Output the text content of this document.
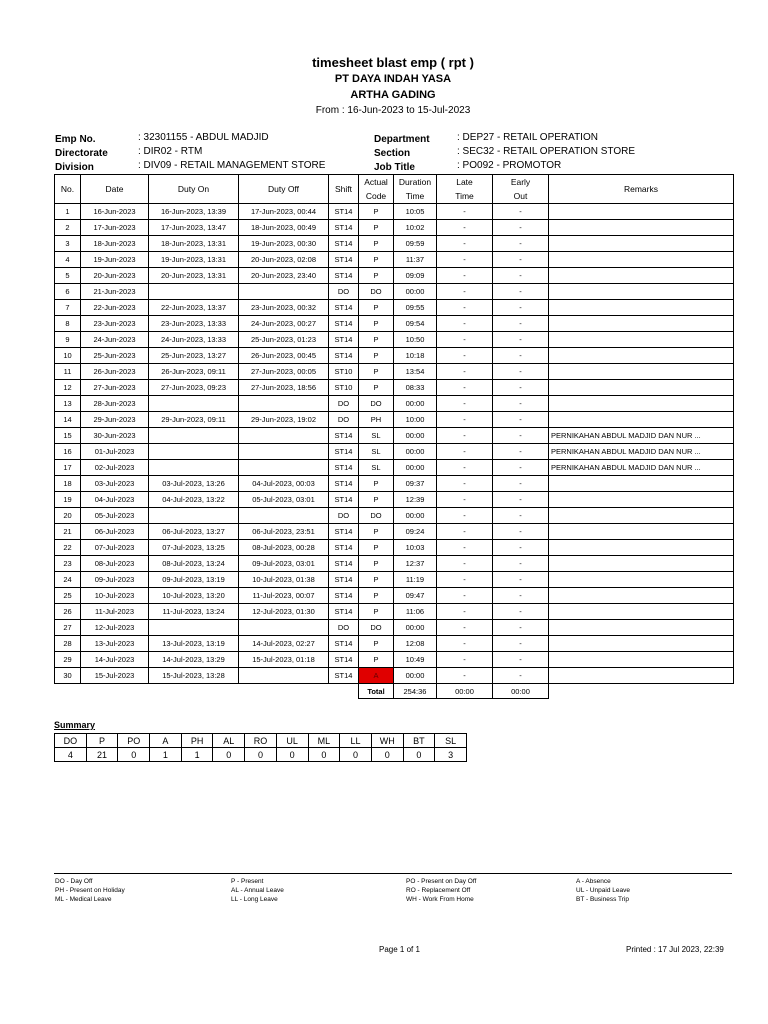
timesheet blast emp ( rpt )
PT DAYA INDAH YASA
ARTHA GADING
From : 16-Jun-2023 to 15-Jul-2023
Emp No.	: 32301155 - ABDUL MADJID
Directorate	: DIR02 - RTM
Division	: DIV09 - RETAIL MANAGEMENT STORE
Department	: DEP27 - RETAIL OPERATION
Section	: SEC32 - RETAIL OPERATION STORE
Job Title	: PO092 - PROMOTOR
No.	Date	Duty On	Duty Off	Shift	Actual	Duration	Late	Early	Remarks
					Code	Time	Time	Out	
1	16-Jun-2023	16-Jun-2023, 13:39	17-Jun-2023, 00:44	ST14	P	10:05	-	-	
2	17-Jun-2023	17-Jun-2023, 13:47	18-Jun-2023, 00:49	ST14	P	10:02	-	-	
3	18-Jun-2023	18-Jun-2023, 13:31	19-Jun-2023, 00:30	ST14	P	09:59	-	-	
4	19-Jun-2023	19-Jun-2023, 13:31	20-Jun-2023, 02:08	ST14	P	11:37	-	-	
5	20-Jun-2023	20-Jun-2023, 13:31	20-Jun-2023, 23:40	ST14	P	09:09	-	-	
6	21-Jun-2023			DO	DO	00:00	-	-	
7	22-Jun-2023	22-Jun-2023, 13:37	23-Jun-2023, 00:32	ST14	P	09:55	-	-	
8	23-Jun-2023	23-Jun-2023, 13:33	24-Jun-2023, 00:27	ST14	P	09:54	-	-	
9	24-Jun-2023	24-Jun-2023, 13:33	25-Jun-2023, 01:23	ST14	P	10:50	-	-	
10	25-Jun-2023	25-Jun-2023, 13:27	26-Jun-2023, 00:45	ST14	P	10:18	-	-	
11	26-Jun-2023	26-Jun-2023, 09:11	27-Jun-2023, 00:05	ST10	P	13:54	-	-	
12	27-Jun-2023	27-Jun-2023, 09:23	27-Jun-2023, 18:56	ST10	P	08:33	-	-	
13	28-Jun-2023			DO	DO	00:00	-	-	
14	29-Jun-2023	29-Jun-2023, 09:11	29-Jun-2023, 19:02	DO	PH	10:00	-	-	
15	30-Jun-2023			ST14	SL	00:00	-	-	PERNIKAHAN ABDUL MADJID DAN NUR ...
16	01-Jul-2023			ST14	SL	00:00	-	-	PERNIKAHAN ABDUL MADJID DAN NUR ...
17	02-Jul-2023			ST14	SL	00:00	-	-	PERNIKAHAN ABDUL MADJID DAN NUR ...
18	03-Jul-2023	03-Jul-2023, 13:26	04-Jul-2023, 00:03	ST14	P	09:37	-	-	
19	04-Jul-2023	04-Jul-2023, 13:22	05-Jul-2023, 03:01	ST14	P	12:39	-	-	
20	05-Jul-2023			DO	DO	00:00	-	-	
21	06-Jul-2023	06-Jul-2023, 13:27	06-Jul-2023, 23:51	ST14	P	09:24	-	-	
22	07-Jul-2023	07-Jul-2023, 13:25	08-Jul-2023, 00:28	ST14	P	10:03	-	-	
23	08-Jul-2023	08-Jul-2023, 13:24	09-Jul-2023, 03:01	ST14	P	12:37	-	-	
24	09-Jul-2023	09-Jul-2023, 13:19	10-Jul-2023, 01:38	ST14	P	11:19	-	-	
25	10-Jul-2023	10-Jul-2023, 13:20	11-Jul-2023, 00:07	ST14	P	09:47	-	-	
26	11-Jul-2023	11-Jul-2023, 13:24	12-Jul-2023, 01:30	ST14	P	11:06	-	-	
27	12-Jul-2023			DO	DO	00:00	-	-	
28	13-Jul-2023	13-Jul-2023, 13:19	14-Jul-2023, 02:27	ST14	P	12:08	-	-	
29	14-Jul-2023	14-Jul-2023, 13:29	15-Jul-2023, 01:18	ST14	P	10:49	-	-	
30	15-Jul-2023	15-Jul-2023, 13:28		ST14	A	00:00	-	-	
					Total	254:36	00:00	00:00	
Summary
DO	P	PO	A	PH	AL	RO	UL	ML	LL	WH	BT	SL
4	21	0	1	1	0	0	0	0	0	0	0	3
DO - Day Off	P - Present	PO - Present on Day Off	A - Absence
PH - Present on Holiday	AL - Annual Leave	RO - Replacement Off	UL - Unpaid Leave
ML - Medical Leave	LL - Long Leave	WH - Work From Home	BT - Business Trip
Page 1 of 1	Printed : 17 Jul 2023, 22:39
